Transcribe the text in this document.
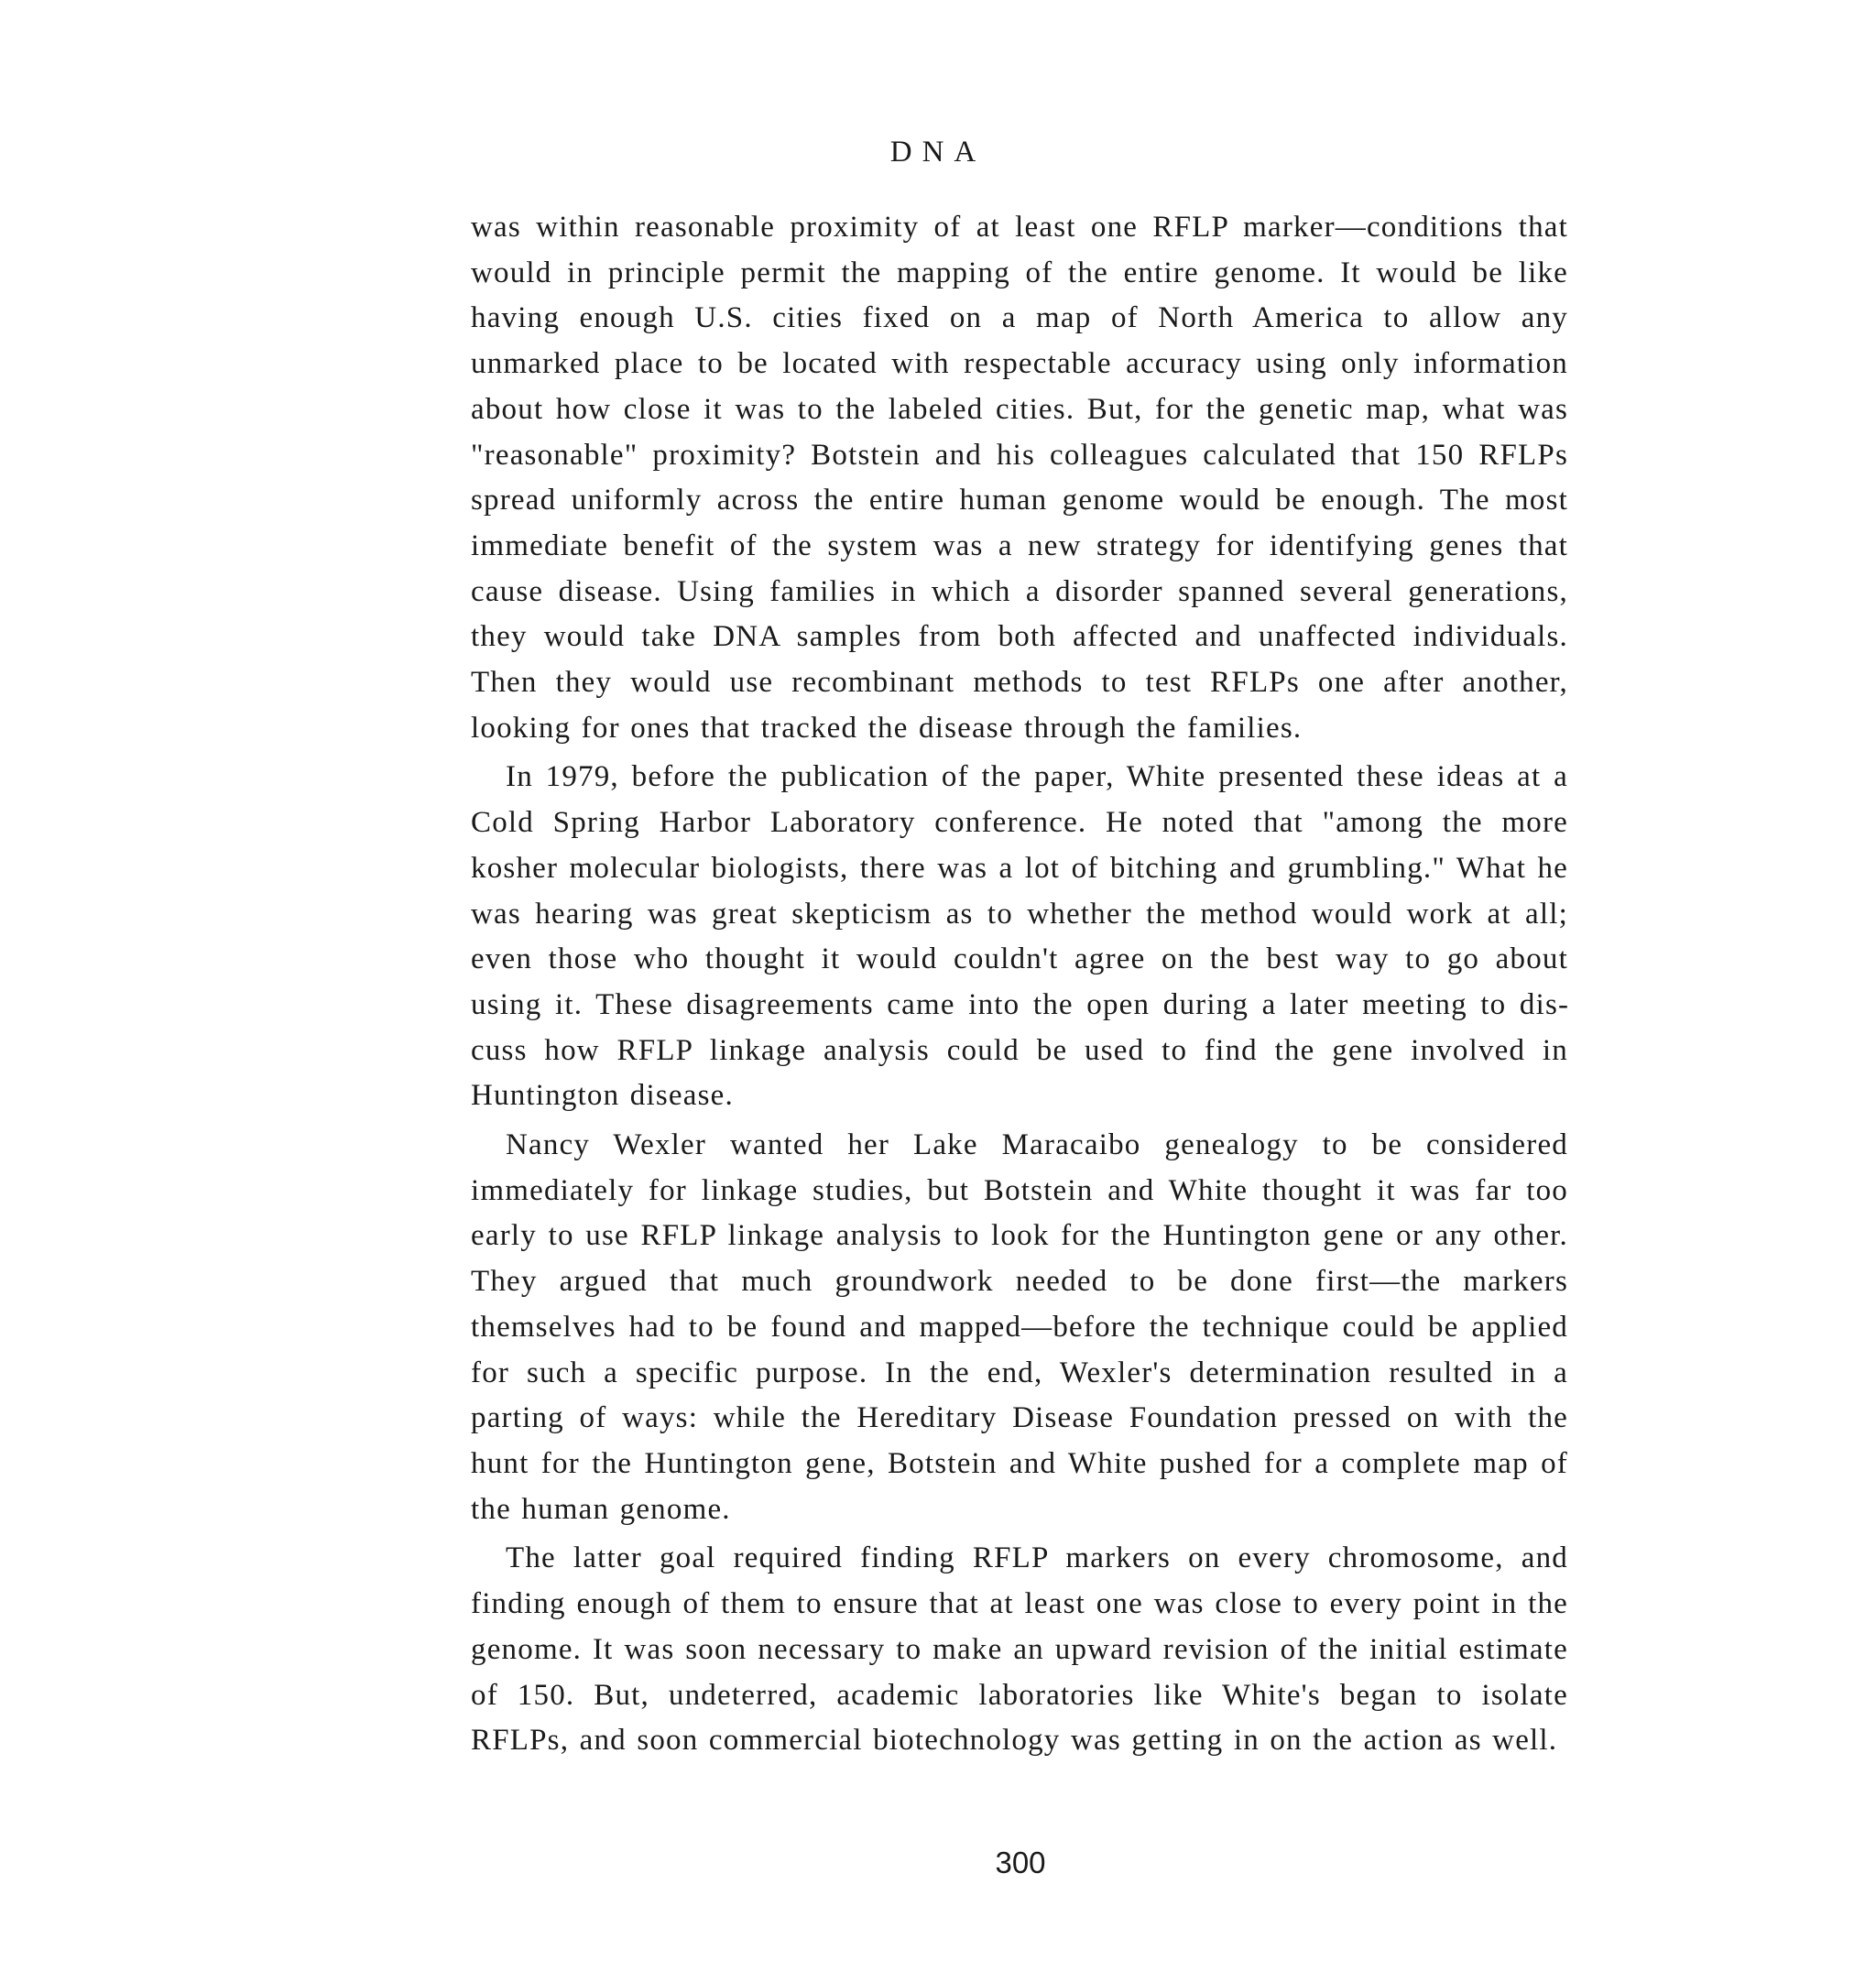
DNA

was within reasonable proximity of at least one RFLP marker—conditions that would in principle permit the mapping of the entire genome. It would be like having enough U.S. cities fixed on a map of North America to allow any unmarked place to be located with respectable accuracy using only information about how close it was to the labeled cities. But, for the genetic map, what was "reasonable" proximity? Botstein and his colleagues calculated that 150 RFLPs spread uniformly across the entire human genome would be enough. The most immediate benefit of the system was a new strategy for identifying genes that cause disease. Using families in which a disorder spanned several generations, they would take DNA samples from both affected and unaffected individuals. Then they would use recombinant methods to test RFLPs one after another, looking for ones that tracked the disease through the families.

In 1979, before the publication of the paper, White presented these ideas at a Cold Spring Harbor Laboratory conference. He noted that "among the more kosher molecular biologists, there was a lot of bitching and grumbling." What he was hearing was great skepticism as to whether the method would work at all; even those who thought it would couldn't agree on the best way to go about using it. These disagreements came into the open during a later meeting to discuss how RFLP linkage analysis could be used to find the gene involved in Huntington disease.

Nancy Wexler wanted her Lake Maracaibo genealogy to be considered immediately for linkage studies, but Botstein and White thought it was far too early to use RFLP linkage analysis to look for the Huntington gene or any other. They argued that much groundwork needed to be done first—the markers themselves had to be found and mapped—before the technique could be applied for such a specific purpose. In the end, Wexler's determination resulted in a parting of ways: while the Hereditary Disease Foundation pressed on with the hunt for the Huntington gene, Botstein and White pushed for a complete map of the human genome.

The latter goal required finding RFLP markers on every chromosome, and finding enough of them to ensure that at least one was close to every point in the genome. It was soon necessary to make an upward revision of the initial estimate of 150. But, undeterred, academic laboratories like White's began to isolate RFLPs, and soon commercial biotechnology was getting in on the action as well.

300
